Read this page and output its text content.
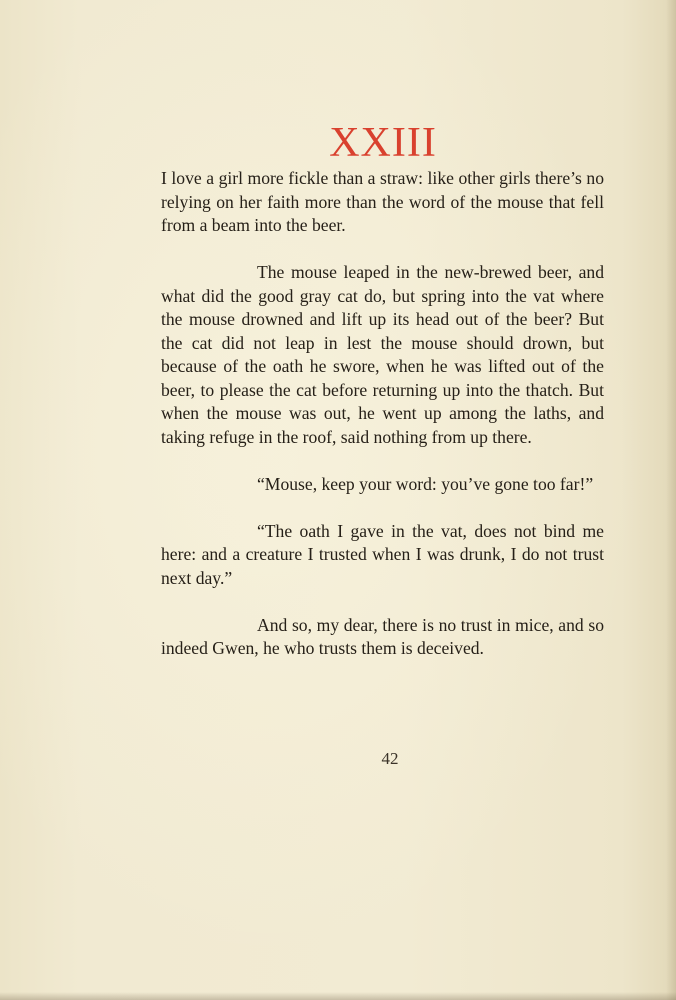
XXIII

I love a girl more fickle than a straw: like other girls there’s no relying on her faith more than the word of the mouse that fell from a beam into the beer.

The mouse leaped in the new-brewed beer, and what did the good gray cat do, but spring into the vat where the mouse drowned and lift up its head out of the beer? But the cat did not leap in lest the mouse should drown, but because of the oath he swore, when he was lifted out of the beer, to please the cat before returning up into the thatch. But when the mouse was out, he went up among the laths, and taking refuge in the roof, said nothing from up there.

“Mouse, keep your word: you’ve gone too far!”

“The oath I gave in the vat, does not bind me here: and a creature I trusted when I was drunk, I do not trust next day.”

And so, my dear, there is no trust in mice, and so indeed Gwen, he who trusts them is deceived.

42
